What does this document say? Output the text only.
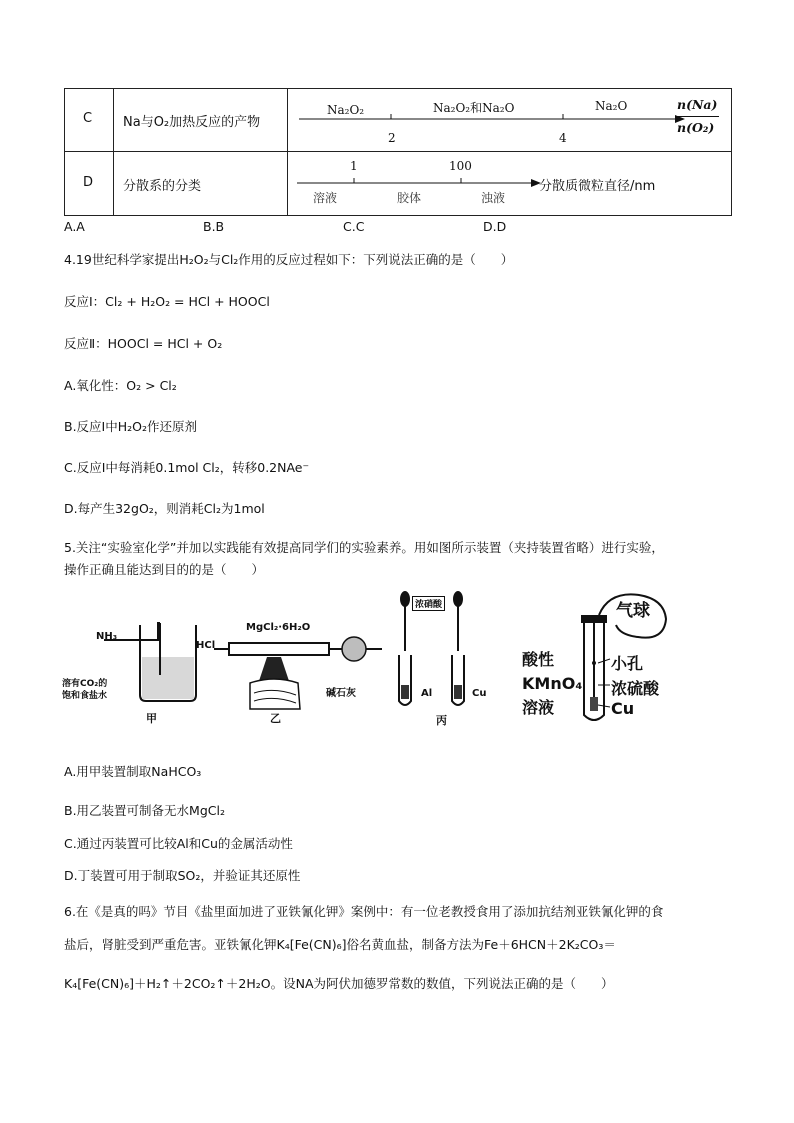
C Na与O₂加热反应的产物
Na₂O₂	Na₂O₂和Na₂O	Na₂O
2	4
n(Na)
n(O₂)
D 分散系的分类
1	100
溶液	胶体	浊液
分散质微粒直径/nm
A.A	B.B	C.C	D.D
4.19世纪科学家提出H₂O₂与Cl₂作用的反应过程如下：下列说法正确的是（　　）
反应Ⅰ：Cl₂ + H₂O₂ = HCl + HOOCl
反应Ⅱ：HOOCl = HCl + O₂
A.氧化性：O₂ > Cl₂
B.反应Ⅰ中H₂O₂作还原剂
C.反应Ⅰ中每消耗0.1mol Cl₂，转移0.2NAe⁻
D.每产生32gO₂，则消耗Cl₂为1mol
5.关注“实验室化学”并加以实践能有效提高同学们的实验素养。用如图所示装置（夹持装置省略）进行实验，
操作正确且能达到目的的是（　　）
NH₃
溶有CO₂的
饱和食盐水
甲
HCl
MgCl₂·6H₂O
碱石灰
乙
浓硝酸
Al	Cu
丙
气球
小孔
浓硫酸
Cu
酸性
KMnO₄
溶液
A.用甲装置制取NaHCO₃
B.用乙装置可制备无水MgCl₂
C.通过丙装置可比较Al和Cu的金属活动性
D.丁装置可用于制取SO₂，并验证其还原性
6.在《是真的吗》节目《盐里面加进了亚铁氰化钾》案例中：有一位老教授食用了添加抗结剂亚铁氰化钾的食
盐后，肾脏受到严重危害。亚铁氰化钾K₄[Fe(CN)₆]俗名黄血盐，制备方法为Fe＋6HCN＋2K₂CO₃＝
K₄[Fe(CN)₆]＋H₂↑＋2CO₂↑＋2H₂O。设NA为阿伏加德罗常数的数值，下列说法正确的是（　　）
